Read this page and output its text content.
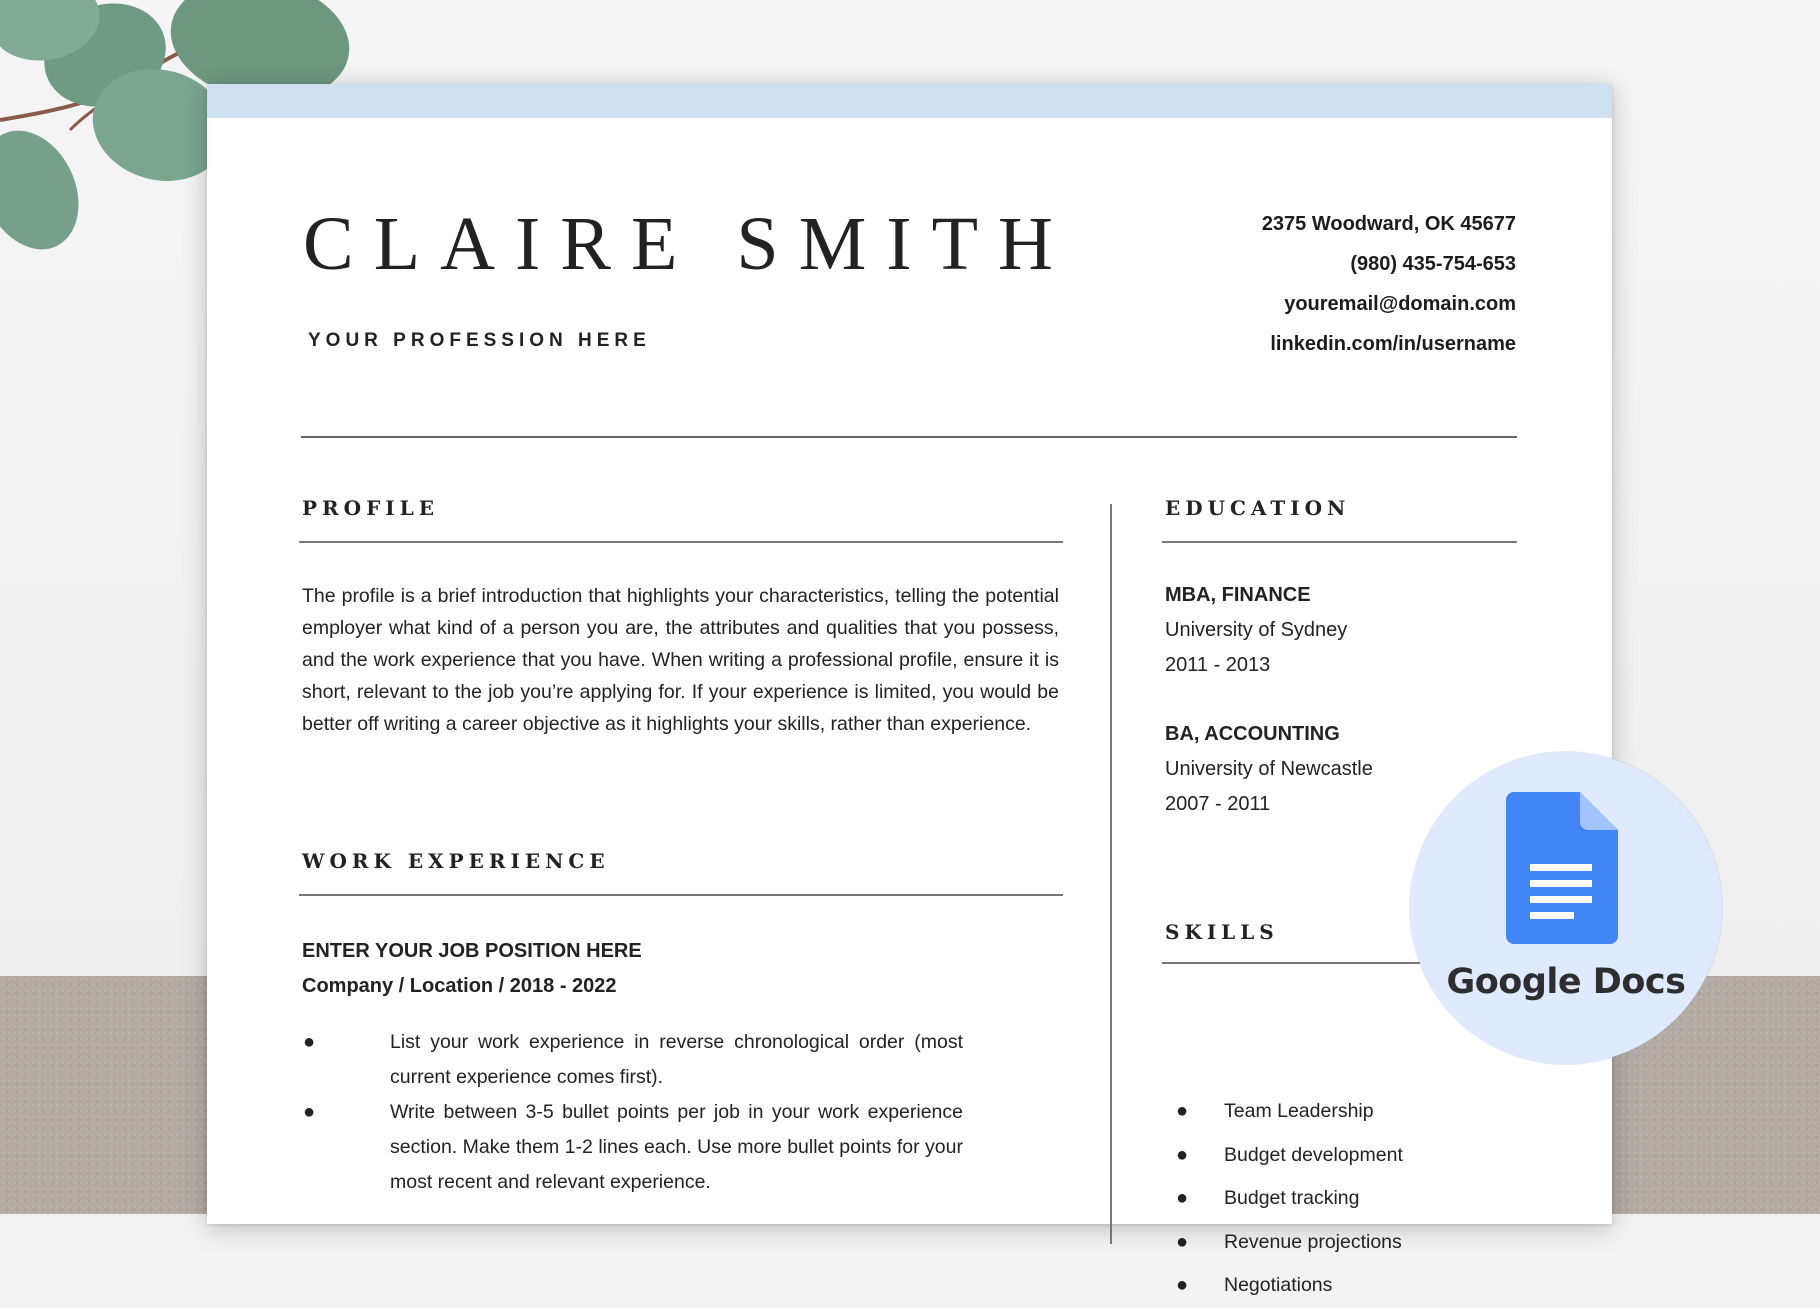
CLAIRE SMITH

YOUR PROFESSION HERE

2375 Woodward, OK 45677
(980) 435-754-653
youremail@domain.com
linkedin.com/in/username
PROFILE

The profile is a brief introduction that highlights your characteristics, telling the potential employer what kind of a person you are, the attributes and qualities that you possess, and the work experience that you have. When writing a professional profile, ensure it is short, relevant to the job you’re applying for. If your experience is limited, you would be better off writing a career objective as it highlights your skills, rather than experience.

WORK EXPERIENCE

ENTER YOUR JOB POSITION HERE

Company / Location / 2018 - 2022

●	List your work experience in reverse chronological order (most current experience comes first).
●	Write between 3-5 bullet points per job in your work experience section. Make them 1-2 lines each. Use more bullet points for your most recent and relevant experience.
EDUCATION

MBA, FINANCE

University of Sydney

2011 - 2013

BA, ACCOUNTING

University of Newcastle

2007 - 2011

SKILLS
● Team Leadership
● Budget development
● Budget tracking
● Revenue projections
● Negotiations
Google Docs
